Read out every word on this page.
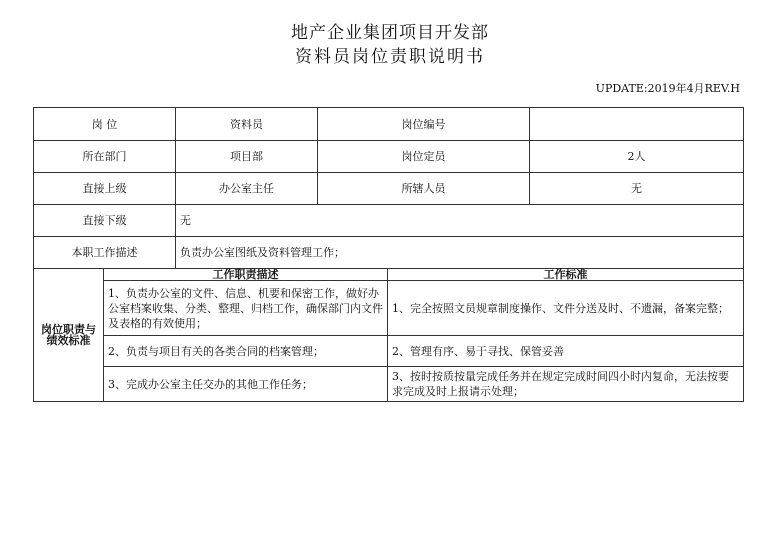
地产企业集团项目开发部
资料员岗位责职说明书
UPDATE:2019年4月REV.H
岗 位		资料员	岗位编号		
所在部门		项目部	岗位定员		2人
直接上级		办公室主任	所辖人员		无
直接下级		无			
本职工作描述		负责办公室图纸及资料管理工作；			
岗位职责与绩效标准	工作职责描述			工作标准	
	1、负责办公室的文件、信息、机要和保密工作，做好办公室档案收集、分类、整理、归档工作，确保部门内文件及表格的有效使用；			1、完全按照文员规章制度操作、文件分送及时、不遗漏，备案完整；	
	2、负责与项目有关的各类合同的档案管理；			2、管理有序、易于寻找、保管妥善	
	3、完成办公室主任交办的其他工作任务；			3、按时按质按量完成任务并在规定完成时间四小时内复命，无法按要求完成及时上报请示处理；	
